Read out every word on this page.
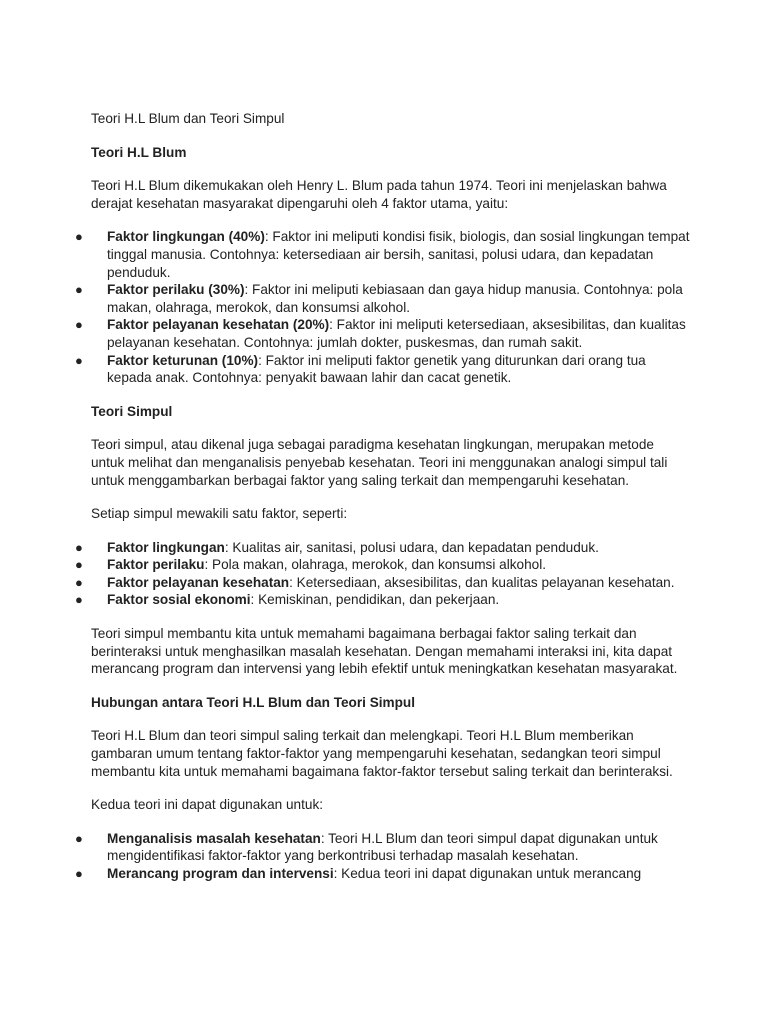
Teori H.L Blum dan Teori Simpul

Teori H.L Blum

Teori H.L Blum dikemukakan oleh Henry L. Blum pada tahun 1974. Teori ini menjelaskan bahwa derajat kesehatan masyarakat dipengaruhi oleh 4 faktor utama, yaitu:

● Faktor lingkungan (40%): Faktor ini meliputi kondisi fisik, biologis, dan sosial lingkungan tempat tinggal manusia. Contohnya: ketersediaan air bersih, sanitasi, polusi udara, dan kepadatan penduduk.
● Faktor perilaku (30%): Faktor ini meliputi kebiasaan dan gaya hidup manusia. Contohnya: pola makan, olahraga, merokok, dan konsumsi alkohol.
● Faktor pelayanan kesehatan (20%): Faktor ini meliputi ketersediaan, aksesibilitas, dan kualitas pelayanan kesehatan. Contohnya: jumlah dokter, puskesmas, dan rumah sakit.
● Faktor keturunan (10%): Faktor ini meliputi faktor genetik yang diturunkan dari orang tua kepada anak. Contohnya: penyakit bawaan lahir dan cacat genetik.

Teori Simpul

Teori simpul, atau dikenal juga sebagai paradigma kesehatan lingkungan, merupakan metode untuk melihat dan menganalisis penyebab kesehatan. Teori ini menggunakan analogi simpul tali untuk menggambarkan berbagai faktor yang saling terkait dan mempengaruhi kesehatan.

Setiap simpul mewakili satu faktor, seperti:

● Faktor lingkungan: Kualitas air, sanitasi, polusi udara, dan kepadatan penduduk.
● Faktor perilaku: Pola makan, olahraga, merokok, dan konsumsi alkohol.
● Faktor pelayanan kesehatan: Ketersediaan, aksesibilitas, dan kualitas pelayanan kesehatan.
● Faktor sosial ekonomi: Kemiskinan, pendidikan, dan pekerjaan.

Teori simpul membantu kita untuk memahami bagaimana berbagai faktor saling terkait dan berinteraksi untuk menghasilkan masalah kesehatan. Dengan memahami interaksi ini, kita dapat merancang program dan intervensi yang lebih efektif untuk meningkatkan kesehatan masyarakat.

Hubungan antara Teori H.L Blum dan Teori Simpul

Teori H.L Blum dan teori simpul saling terkait dan melengkapi. Teori H.L Blum memberikan gambaran umum tentang faktor-faktor yang mempengaruhi kesehatan, sedangkan teori simpul membantu kita untuk memahami bagaimana faktor-faktor tersebut saling terkait dan berinteraksi.

Kedua teori ini dapat digunakan untuk:

● Menganalisis masalah kesehatan: Teori H.L Blum dan teori simpul dapat digunakan untuk mengidentifikasi faktor-faktor yang berkontribusi terhadap masalah kesehatan.
● Merancang program dan intervensi: Kedua teori ini dapat digunakan untuk merancang
